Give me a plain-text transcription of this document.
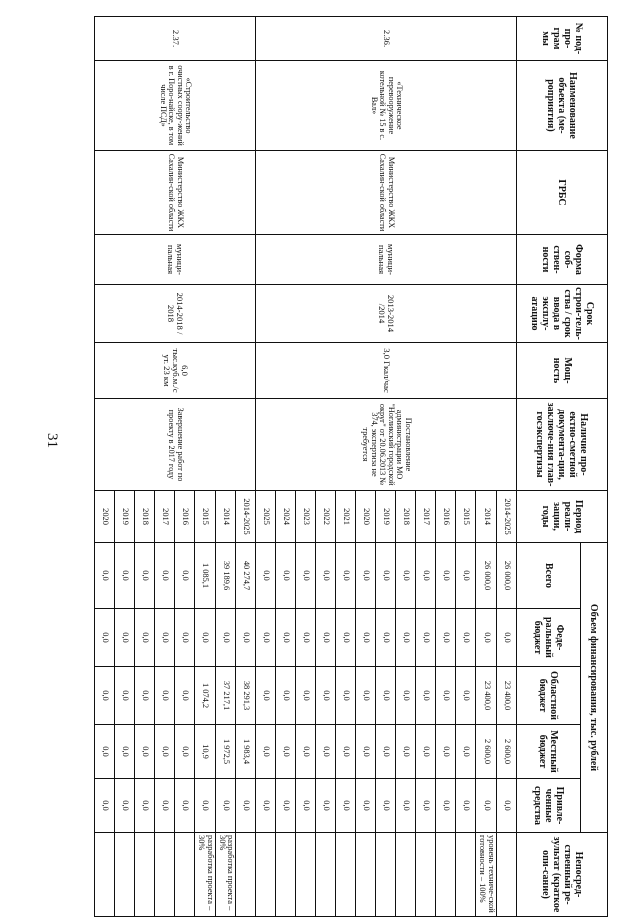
31
№ под-про-грам мы	Наименование объекта (ме-роприятия)	ГРБС	Форма соб-ствен-ности	Срок строи-тель-ства / срок ввода в эксплу-атацию	Мощ-ность	Наличие про-ектно-сметной документа-ции, заключе-ния глав-госэкспертизы	Период реали-зации, годы	Объем финансирования, тыс. рублей					Непосред-ственный ре-зультат (краткое опи-сание)
								Всего	Феде-ральный бюджет	Областной бюджет	Местный бюджет	Привле-ченные средства	
2.36.	«Техническое перевооружение котельной № 15 в с. Вал»	Министерство ЖКХ Сахалин-ской области	муници-пальная	2013-2014 /2014	3,0 Гкал/час	Постановление администрации МО "Ногликский городской округ" от 20.06.2013 № 374, экспертиза не требуется	2014-2025	26 000,0	0,0	23 400,0	2 600,0	0,0	
							2014	26 000,0	0,0	23 400,0	2 600,0	0,0	уровень техниче-ской готовности – 100%
							2015	0,0	0,0	0,0	0,0	0,0	
							2016	0,0	0,0	0,0	0,0	0,0	
							2017	0,0	0,0	0,0	0,0	0,0	
							2018	0,0	0,0	0,0	0,0	0,0	
							2019	0,0	0,0	0,0	0,0	0,0	
							2020	0,0	0,0	0,0	0,0	0,0	
							2021	0,0	0,0	0,0	0,0	0,0	
							2022	0,0	0,0	0,0	0,0	0,0	
							2023	0,0	0,0	0,0	0,0	0,0	
							2024	0,0	0,0	0,0	0,0	0,0	
							2025	0,0	0,0	0,0	0,0	0,0	
2.37.	«Строительство очистных соору-жений в г. Поро-найске, в том числе ПСД»	Министерство ЖКХ Сахалин-ской области	муници-пальная	2014-2018 / 2018	6,0 тыс.куб.м./с ут. 23 км	Завершение работ по проекту в 2017 году	2014-2025	40 274,7	0,0	38 291,3	1 983,4	0,0	
							2014	39 189,6	0,0	37 217,1	1 972,5	0,0	разработка проекта – 30%
							2015	1 085,1	0,0	1 074,2	10,9	0,0	разработка проекта – 30%
							2016	0,0	0,0	0,0	0,0	0,0	
							2017	0,0	0,0	0,0	0,0	0,0	
							2018	0,0	0,0	0,0	0,0	0,0	
							2019	0,0	0,0	0,0	0,0	0,0	
							2020	0,0	0,0	0,0	0,0	0,0	
